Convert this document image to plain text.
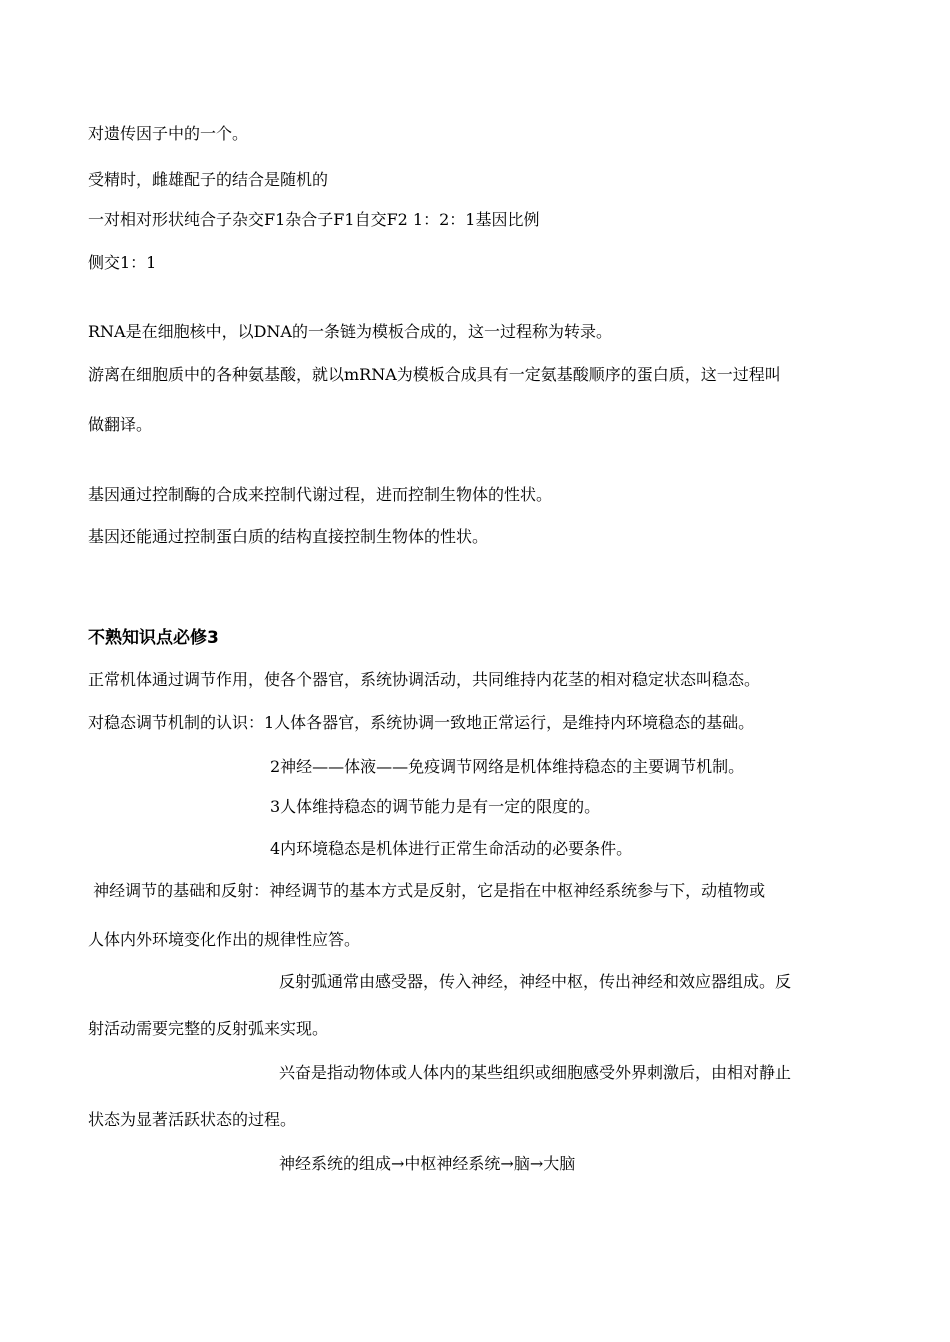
对遗传因子中的一个。

受精时，雌雄配子的结合是随机的

一对相对形状纯合子杂交F1杂合子F1自交F2 1：2：1基因比例

侧交1：1

RNA是在细胞核中，以DNA的一条链为模板合成的，这一过程称为转录。

游离在细胞质中的各种氨基酸，就以mRNA为模板合成具有一定氨基酸顺序的蛋白质，这一过程叫

做翻译。

基因通过控制酶的合成来控制代谢过程，进而控制生物体的性状。

基因还能通过控制蛋白质的结构直接控制生物体的性状。

不熟知识点必修3

正常机体通过调节作用，使各个器官，系统协调活动，共同维持内花茎的相对稳定状态叫稳态。

对稳态调节机制的认识：1人体各器官，系统协调一致地正常运行，是维持内环境稳态的基础。

2神经——体液——免疫调节网络是机体维持稳态的主要调节机制。

3人体维持稳态的调节能力是有一定的限度的。

4内环境稳态是机体进行正常生命活动的必要条件。

神经调节的基础和反射：神经调节的基本方式是反射，它是指在中枢神经系统参与下，动植物或

人体内外环境变化作出的规律性应答。

反射弧通常由感受器，传入神经，神经中枢，传出神经和效应器组成。反

射活动需要完整的反射弧来实现。

兴奋是指动物体或人体内的某些组织或细胞感受外界刺激后，由相对静止

状态为显著活跃状态的过程。

神经系统的组成→中枢神经系统→脑→大脑
